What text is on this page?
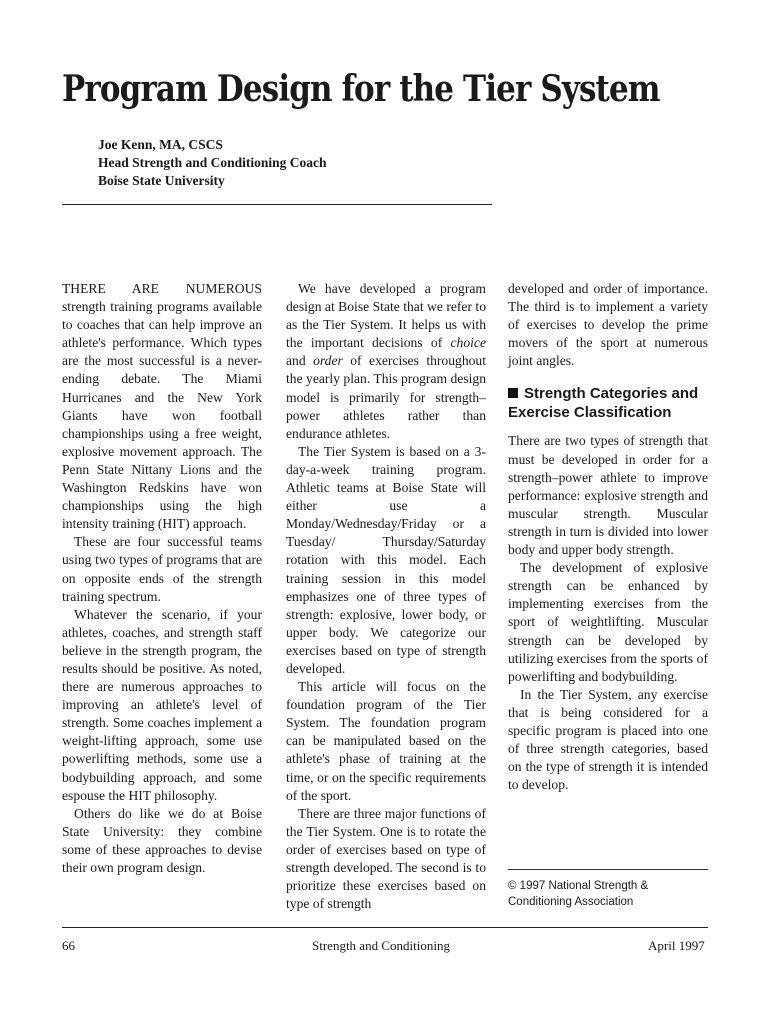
Program Design for the Tier System
Joe Kenn, MA, CSCS
Head Strength and Conditioning Coach
Boise State University

THERE ARE NUMEROUS strength training programs available to coaches that can help improve an athlete's performance. Which types are the most successful is a never-ending debate. The Miami Hurricanes and the New York Giants have won football championships using a free weight, explosive movement approach. The Penn State Nittany Lions and the Washington Redskins have won championships using the high intensity training (HIT) approach.

These are four successful teams using two types of programs that are on opposite ends of the strength training spectrum.

Whatever the scenario, if your athletes, coaches, and strength staff believe in the strength program, the results should be positive. As noted, there are numerous approaches to improving an athlete's level of strength. Some coaches implement a weight-lifting approach, some use powerlifting methods, some use a bodybuilding approach, and some espouse the HIT philosophy.

Others do like we do at Boise State University: they combine some of these approaches to devise their own program design.

We have developed a program design at Boise State that we refer to as the Tier System. It helps us with the important decisions of choice and order of exercises throughout the yearly plan. This program design model is primarily for strength–power athletes rather than endurance athletes.

The Tier System is based on a 3-day-a-week training program. Athletic teams at Boise State will either use a Monday/Wednesday/Friday or a Tuesday/ Thursday/Saturday rotation with this model. Each training session in this model emphasizes one of three types of strength: explosive, lower body, or upper body. We categorize our exercises based on type of strength developed.

This article will focus on the foundation program of the Tier System. The foundation program can be manipulated based on the athlete's phase of training at the time, or on the specific requirements of the sport.

There are three major functions of the Tier System. One is to rotate the order of exercises based on type of strength developed. The second is to prioritize these exercises based on type of strength

developed and order of importance. The third is to implement a variety of exercises to develop the prime movers of the sport at numerous joint angles.

Strength Categories and Exercise Classification

There are two types of strength that must be developed in order for a strength–power athlete to improve performance: explosive strength and muscular strength. Muscular strength in turn is divided into lower body and upper body strength.

The development of explosive strength can be enhanced by implementing exercises from the sport of weightlifting. Muscular strength can be developed by utilizing exercises from the sports of powerlifting and bodybuilding.

In the Tier System, any exercise that is being considered for a specific program is placed into one of three strength categories, based on the type of strength it is intended to develop.

© 1997 National Strength &
Conditioning Association
66	Strength and Conditioning	April 1997
